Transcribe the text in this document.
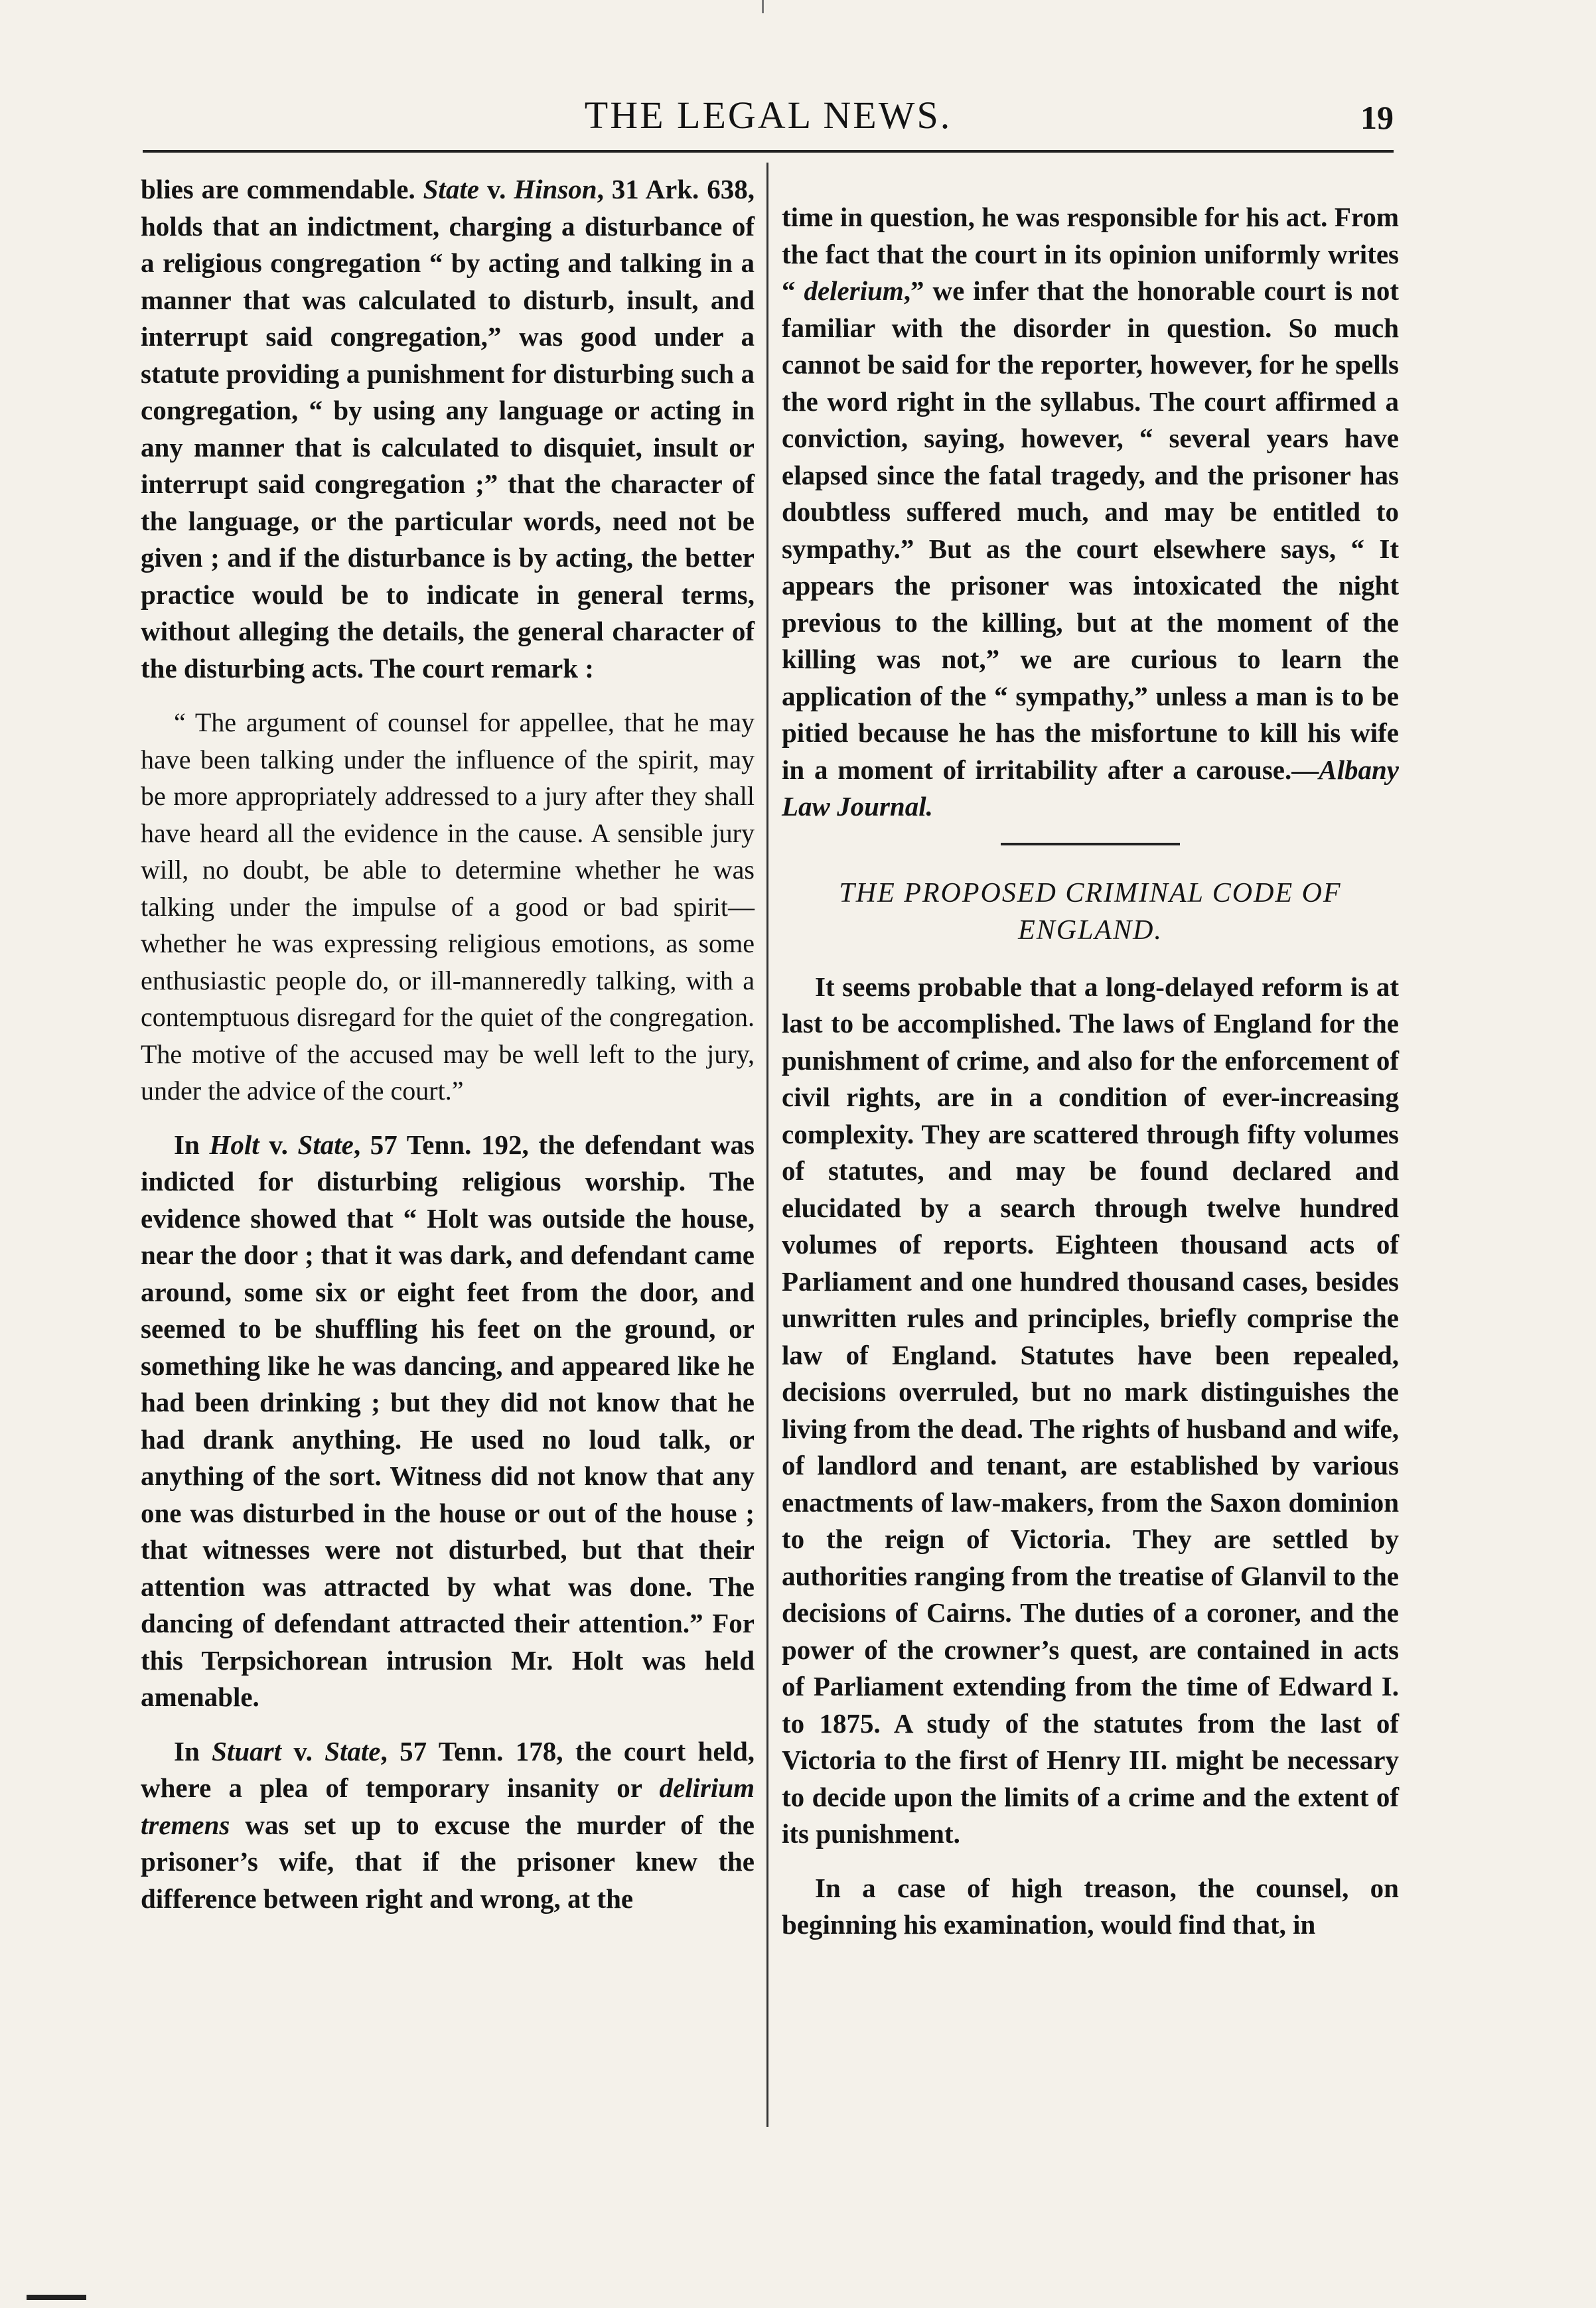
THE LEGAL NEWS.	19

blies are commendable. State v. Hinson, 31 Ark. 638, holds that an indictment, charging a disturbance of a religious congregation “ by acting and talking in a manner that was calculated to disturb, insult, and interrupt said congregation,” was good under a statute providing a punishment for disturbing such a congregation, “ by using any language or acting in any manner that is calculated to disquiet, insult or interrupt said congregation ;” that the character of the language, or the particular words, need not be given ; and if the disturbance is by acting, the better practice would be to indicate in general terms, without alleging the details, the general character of the disturbing acts. The court remark :

“ The argument of counsel for appellee, that he may have been talking under the influence of the spirit, may be more appropriately addressed to a jury after they shall have heard all the evidence in the cause. A sensible jury will, no doubt, be able to determine whether he was talking under the impulse of a good or bad spirit—whether he was expressing religious emotions, as some enthusiastic people do, or ill-manneredly talking, with a contemptuous disregard for the quiet of the congregation. The motive of the accused may be well left to the jury, under the advice of the court.”

In Holt v. State, 57 Tenn. 192, the defendant was indicted for disturbing religious worship. The evidence showed that “ Holt was outside the house, near the door ; that it was dark, and defendant came around, some six or eight feet from the door, and seemed to be shuffling his feet on the ground, or something like he was dancing, and appeared like he had been drinking ; but they did not know that he had drank anything. He used no loud talk, or anything of the sort. Witness did not know that any one was disturbed in the house or out of the house ; that witnesses were not disturbed, but that their attention was attracted by what was done. The dancing of defendant attracted their attention.” For this Terpsichorean intrusion Mr. Holt was held amenable.

In Stuart v. State, 57 Tenn. 178, the court held, where a plea of temporary insanity or delirium tremens was set up to excuse the murder of the prisoner’s wife, that if the prisoner knew the difference between right and wrong, at the

time in question, he was responsible for his act. From the fact that the court in its opinion uniformly writes “ delerium,” we infer that the honorable court is not familiar with the disorder in question. So much cannot be said for the reporter, however, for he spells the word right in the syllabus. The court affirmed a conviction, saying, however, “ several years have elapsed since the fatal tragedy, and the prisoner has doubtless suffered much, and may be entitled to sympathy.” But as the court elsewhere says, “ It appears the prisoner was intoxicated the night previous to the killing, but at the moment of the killing was not,” we are curious to learn the application of the “ sympathy,” unless a man is to be pitied because he has the misfortune to kill his wife in a moment of irritability after a carouse.—Albany Law Journal.

THE PROPOSED CRIMINAL CODE OF ENGLAND.

It seems probable that a long-delayed reform is at last to be accomplished. The laws of England for the punishment of crime, and also for the enforcement of civil rights, are in a condition of ever-increasing complexity. They are scattered through fifty volumes of statutes, and may be found declared and elucidated by a search through twelve hundred volumes of reports. Eighteen thousand acts of Parliament and one hundred thousand cases, besides unwritten rules and principles, briefly comprise the law of England. Statutes have been repealed, decisions overruled, but no mark distinguishes the living from the dead. The rights of husband and wife, of landlord and tenant, are established by various enactments of law-makers, from the Saxon dominion to the reign of Victoria. They are settled by authorities ranging from the treatise of Glanvil to the decisions of Cairns. The duties of a coroner, and the power of the crowner’s quest, are contained in acts of Parliament extending from the time of Edward I. to 1875. A study of the statutes from the last of Victoria to the first of Henry III. might be necessary to decide upon the limits of a crime and the extent of its punishment.

In a case of high treason, the counsel, on beginning his examination, would find that, in
